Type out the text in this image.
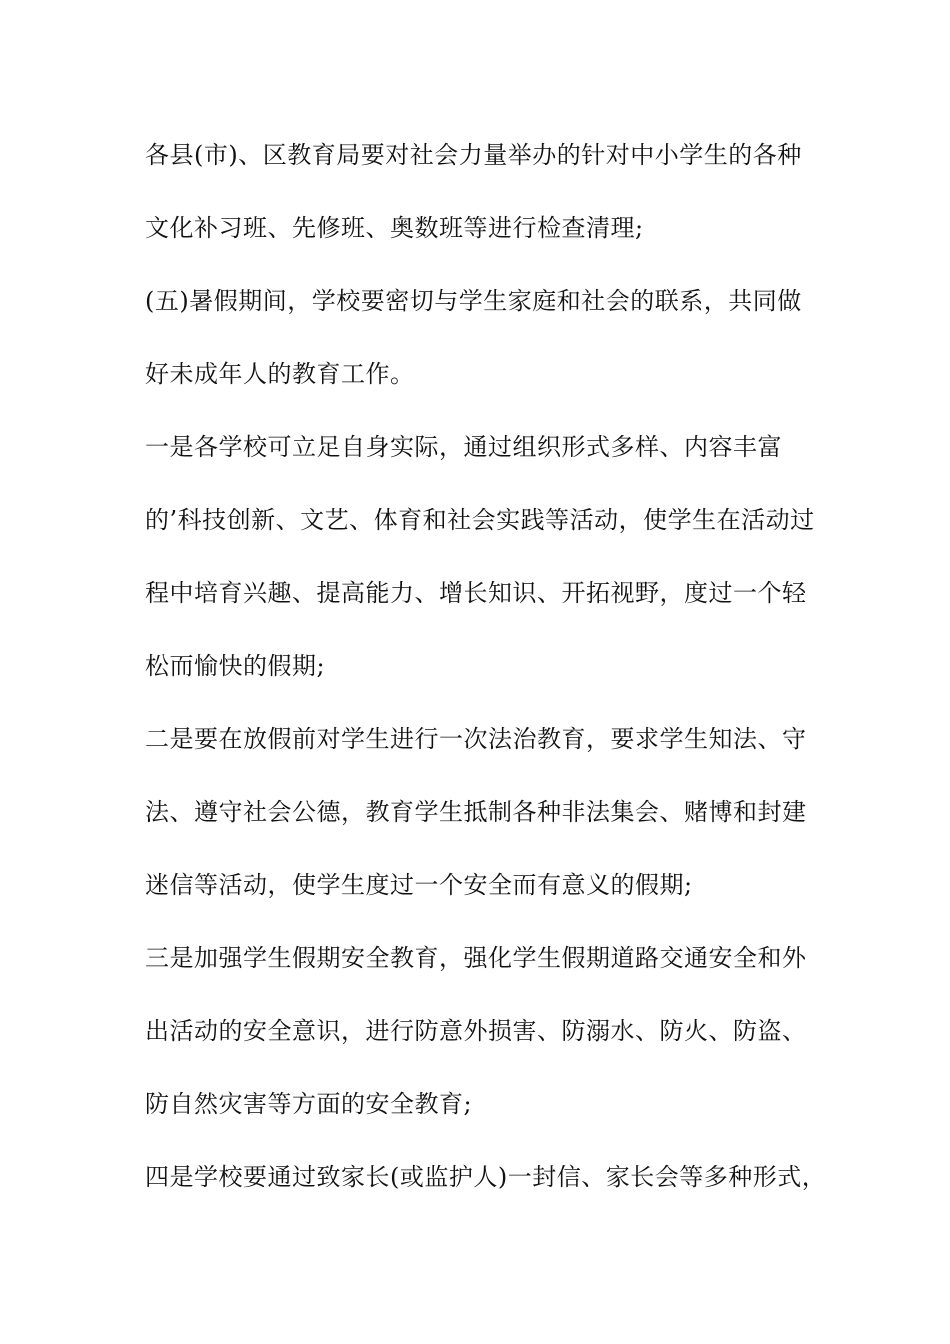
各县(市)、区教育局要对社会力量举办的针对中小学生的各种
文化补习班、先修班、奥数班等进行检查清理;
(五)暑假期间，学校要密切与学生家庭和社会的联系，共同做
好未成年人的教育工作。
一是各学校可立足自身实际，通过组织形式多样、内容丰富
的’科技创新、文艺、体育和社会实践等活动，使学生在活动过
程中培育兴趣、提高能力、增长知识、开拓视野，度过一个轻
松而愉快的假期;
二是要在放假前对学生进行一次法治教育，要求学生知法、守
法、遵守社会公德，教育学生抵制各种非法集会、赌博和封建
迷信等活动，使学生度过一个安全而有意义的假期;
三是加强学生假期安全教育，强化学生假期道路交通安全和外
出活动的安全意识，进行防意外损害、防溺水、防火、防盗、
防自然灾害等方面的安全教育;
四是学校要通过致家长(或监护人)一封信、家长会等多种形式，
